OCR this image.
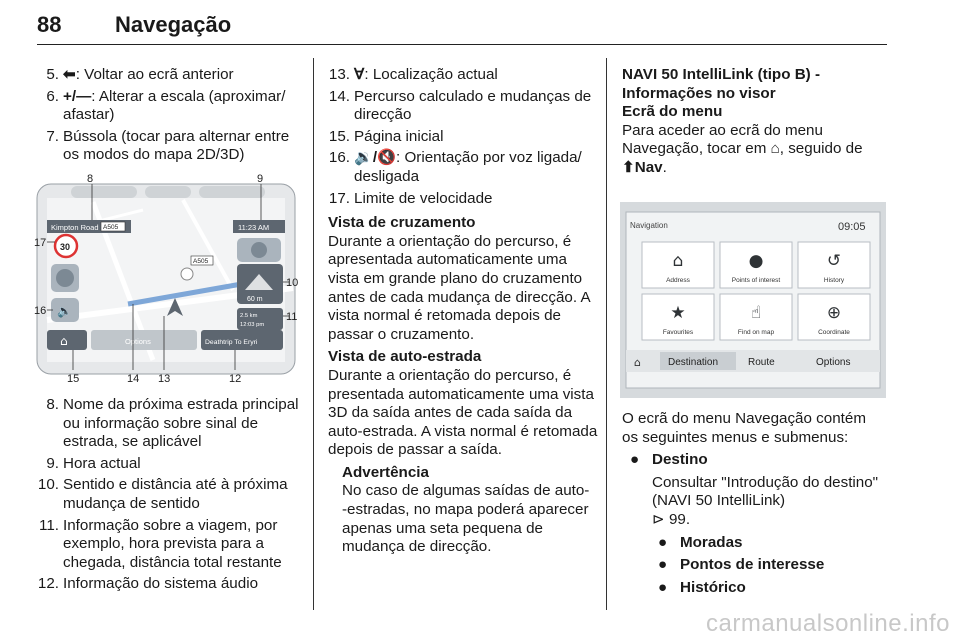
88 Navegação
5. ⬅: Voltar ao ecrã anterior
6. +/—: Alterar a escala (aproximar/ afastar)
7. Bússola (tocar para alternar entre os modos do mapa 2D/3D)
Kimpton Road A505	11:23 AM
30
🔈
60 m
2.5 km
12:03 pm
A505
⌂	Options	Deathtrip To Eryri
8	9
17
10
16	11
15	14 13	12
8. Nome da próxima estrada principal ou informação sobre sinal de estrada, se aplicável
9. Hora actual
10. Sentido e distância até à próxima mudança de sentido
11. Informação sobre a viagem, por exemplo, hora prevista para a chegada, distância total restante
12. Informação do sistema áudio
13. Ɐ: Localização actual
14. Percurso calculado e mudanças de direcção
15. Página inicial
16. 🔉/🔇: Orientação por voz ligada/ desligada
17. Limite de velocidade
Vista de cruzamento
Durante a orientação do percurso, é apresentada automaticamente uma vista em grande plano do cruzamento antes de cada mudança de direcção. A vista normal é retomada depois de passar o cruzamento.
Vista de auto-estrada
Durante a orientação do percurso, é presentada automaticamente uma vista 3D da saída antes de cada saída da auto-estrada. A vista normal é retomada depois de passar a saída.
Advertência
No caso de algumas saídas de auto- -estradas, no mapa poderá aparecer apenas uma seta pequena de mudança de direcção.
NAVI 50 IntelliLink (tipo B) - Informações no visor
Ecrã do menu
Para aceder ao ecrã do menu Navegação, tocar em ⌂, seguido de ⬆Nav.
Navigation	09:05
⌂
Address
●
Points of interest
↺
History
★
Favourites
☝
Find on map
⊕
Coordinate
⌂	Destination	Route	Options
O ecrã do menu Navegação contém os seguintes menus e submenus:
● Destino
Consultar "Introdução do destino" (NAVI 50 IntelliLink)
⊳ 99.
● Moradas
● Pontos de interesse
● Histórico
carmanualsonline.info
